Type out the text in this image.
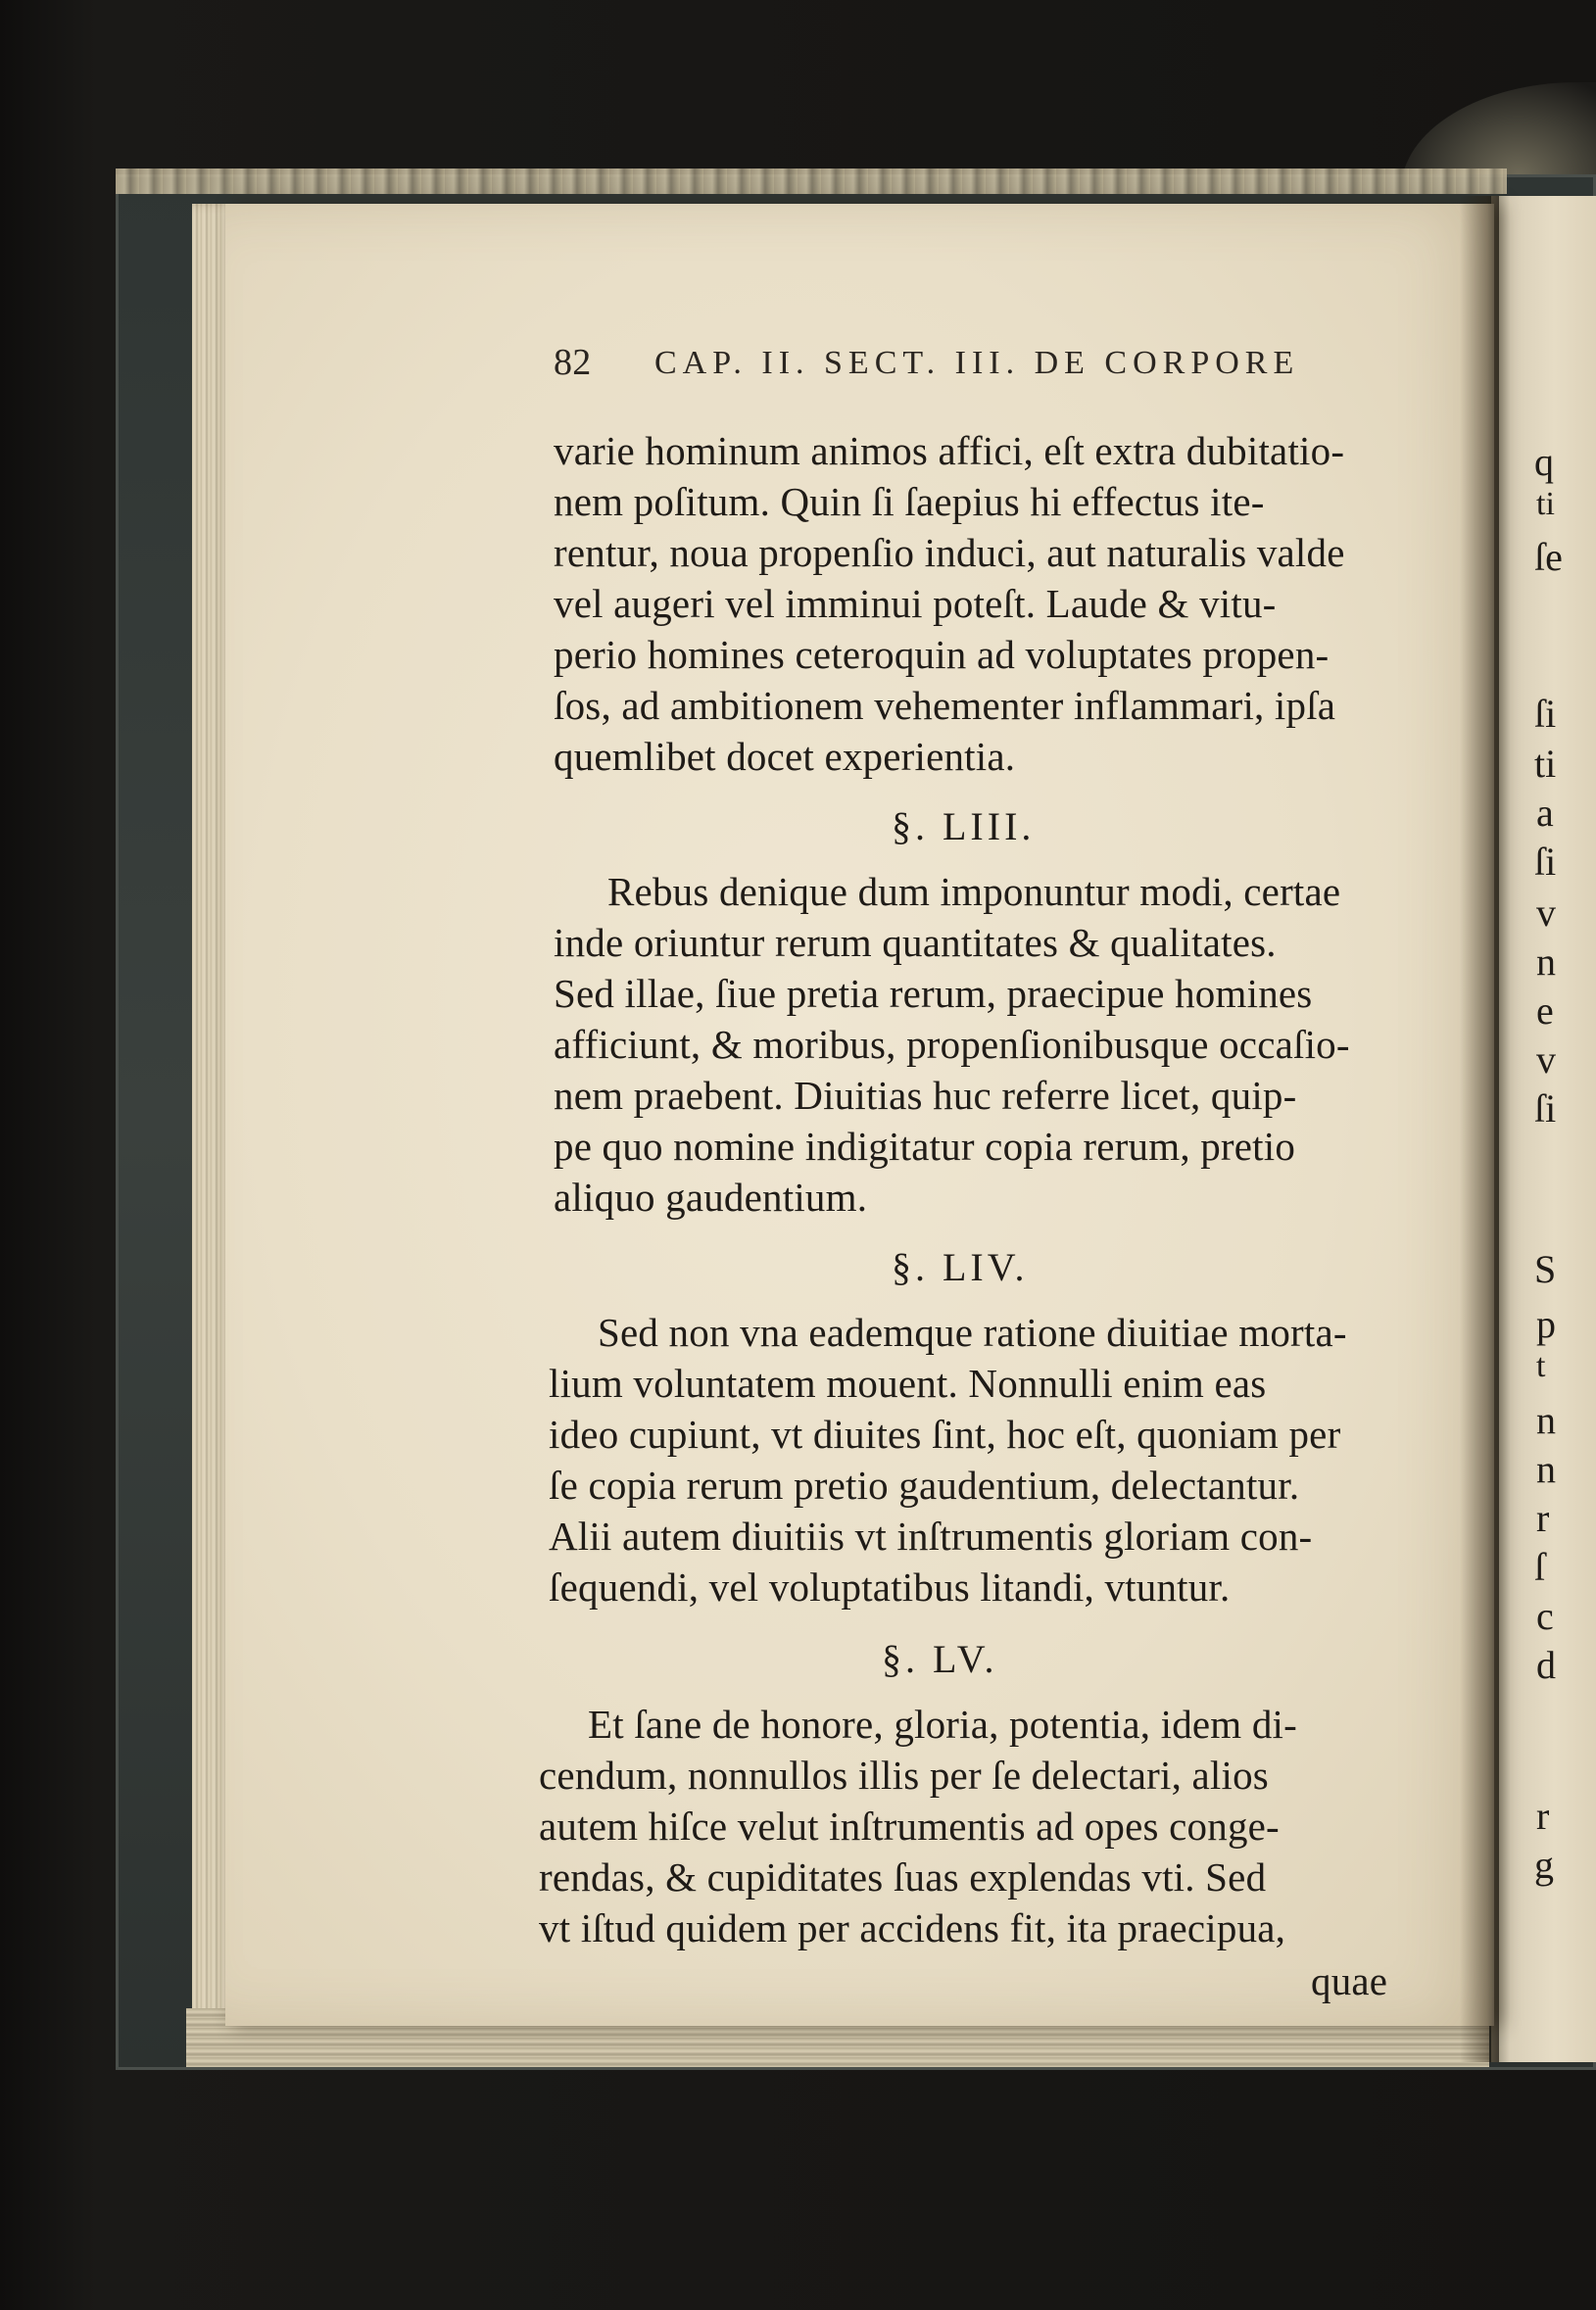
q
ti
ſe
ſi
ti
a
ſi
v
n
e
v
ſi
S
p
t
n
n
r
ſ
c
d
r
g
82 CAP. II. SECT. III. DE CORPORE
varie hominum animos affici, eſt extra dubitatio-
nem poſitum. Quin ſi ſaepius hi effectus ite-
rentur, noua propenſio induci, aut naturalis valde
vel augeri vel imminui poteſt. Laude & vitu-
perio homines ceteroquin ad voluptates propen-
ſos, ad ambitionem vehementer inflammari, ipſa
quemlibet docet experientia.
§. LIII.
Rebus denique dum imponuntur modi, certae
inde oriuntur rerum quantitates & qualitates.
Sed illae, ſiue pretia rerum, praecipue homines
afficiunt, & moribus, propenſionibusque occaſio-
nem praebent. Diuitias huc referre licet, quip-
pe quo nomine indigitatur copia rerum, pretio
aliquo gaudentium.
§. LIV.
Sed non vna eademque ratione diuitiae morta-
lium voluntatem mouent. Nonnulli enim eas
ideo cupiunt, vt diuites ſint, hoc eſt, quoniam per
ſe copia rerum pretio gaudentium, delectantur.
Alii autem diuitiis vt inſtrumentis gloriam con-
ſequendi, vel voluptatibus litandi, vtuntur.
§. LV.
Et ſane de honore, gloria, potentia, idem di-
cendum, nonnullos illis per ſe delectari, alios
autem hiſce velut inſtrumentis ad opes conge-
rendas, & cupiditates ſuas explendas vti. Sed
vt iſtud quidem per accidens fit, ita praecipua,
quae
